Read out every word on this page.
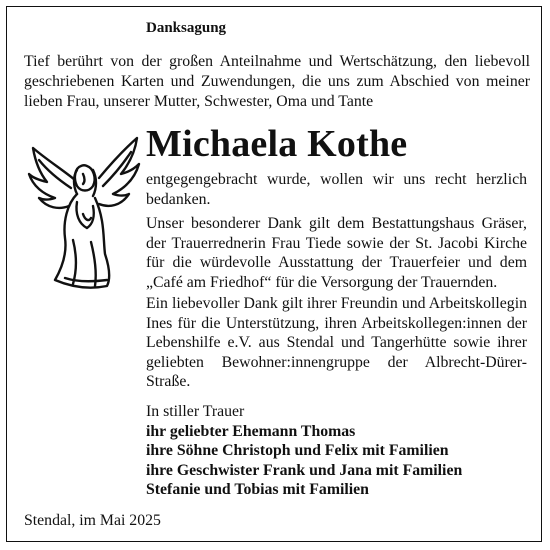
Danksagung

Tief berührt von der großen Anteilnahme und Wertschätzung, den liebevoll geschriebenen Karten und Zuwendungen, die uns zum Abschied von meiner lieben Frau, unserer Mutter, Schwester, Oma und Tante

Michaela Kothe

entgegengebracht wurde, wollen wir uns recht herzlich bedanken.

Unser besonderer Dank gilt dem Bestattungshaus Gräser, der Trauerrednerin Frau Tiede sowie der St. Jacobi Kirche für die würdevolle Ausstattung der Trauerfeier und dem „Café am Friedhof“ für die Versorgung der Trauernden.

Ein liebevoller Dank gilt ihrer Freundin und Arbeitskollegin Ines für die Unterstützung, ihren Arbeitskollegen:innen der Lebenshilfe e.V. aus Stendal und Tangerhütte sowie ihrer geliebten Bewohner:innengruppe der Albrecht-Dürer-Straße.

In stiller Trauer
ihr geliebter Ehemann Thomas
ihre Söhne Christoph und Felix mit Familien
ihre Geschwister Frank und Jana mit Familien
Stefanie und Tobias mit Familien

Stendal, im Mai 2025
